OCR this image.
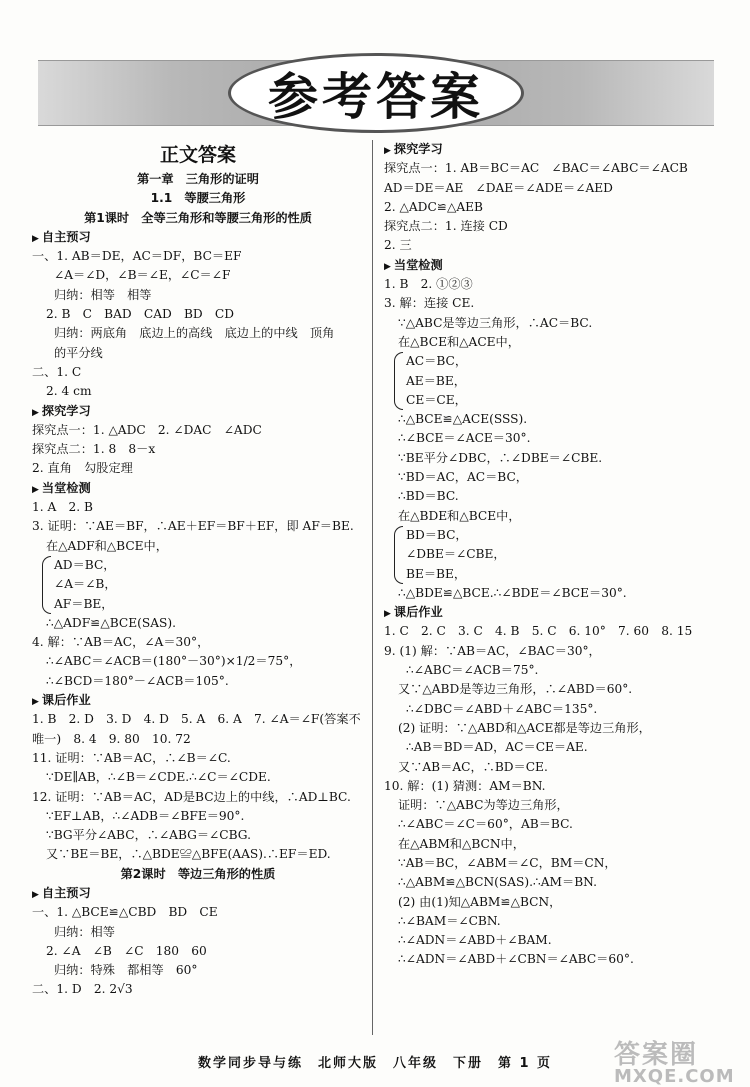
参考答案
正文答案
第一章　三角形的证明
1.1　等腰三角形
第1课时　全等三角形和等腰三角形的性质
▶ 自主预习
一、1. AB＝DE，AC＝DF，BC＝EF
∠A＝∠D，∠B＝∠E，∠C＝∠F
归纳：相等　相等
2. B　C　BAD　CAD　BD　CD
归纳：两底角　底边上的高线　底边上的中线　顶角
的平分线
二、1. C
2. 4 cm
▶ 探究学习
探究点一：1. △ADC　2. ∠DAC　∠ADC
探究点二：1. 8　8－x
2. 直角　勾股定理
▶ 当堂检测
1. A　2. B
3. 证明：∵AE＝BF，∴AE＋EF＝BF＋EF，即 AF＝BE.
在△ADF和△BCE中，
AD＝BC，
∠A＝∠B，
AF＝BE，
∴△ADF≌△BCE(SAS).
4. 解：∵AB＝AC，∠A＝30°，
∴∠ABC＝∠ACB＝(180°－30°)×1/2＝75°，
∴∠BCD＝180°－∠ACB＝105°.
▶ 课后作业
1. B　2. D　3. D　4. D　5. A　6. A　7. ∠A＝∠F(答案不
唯一)　8. 4　9. 80　10. 72
11. 证明：∵AB＝AC，∴∠B＝∠C.
∵DE∥AB，∴∠B＝∠CDE.∴∠C＝∠CDE.
12. 证明：∵AB＝AC，AD是BC边上的中线，∴AD⊥BC.
∵EF⊥AB，∴∠ADB＝∠BFE＝90°.
∵BG平分∠ABC，∴∠ABG＝∠CBG.
又∵BE＝BE，∴△BDE≌△BFE(AAS).∴EF＝ED.
第2课时　等边三角形的性质
▶ 自主预习
一、1. △BCE≌△CBD　BD　CE
归纳：相等
2. ∠A　∠B　∠C　180　60
归纳：特殊　都相等　60°
二、1. D　2. 2√3
▶ 探究学习
探究点一：1. AB＝BC＝AC　∠BAC＝∠ABC＝∠ACB
AD＝DE＝AE　∠DAE＝∠ADE＝∠AED
2. △ADC≌△AEB
探究点二：1. 连接 CD
2. 三
▶ 当堂检测
1. B　2. ①②③
3. 解：连接 CE.
∵△ABC是等边三角形，∴AC＝BC.
在△BCE和△ACE中，
AC＝BC，
AE＝BE，
CE＝CE，
∴△BCE≌△ACE(SSS).
∴∠BCE＝∠ACE＝30°.
∵BE平分∠DBC，∴∠DBE＝∠CBE.
∵BD＝AC，AC＝BC，
∴BD＝BC.
在△BDE和△BCE中，
BD＝BC，
∠DBE＝∠CBE，
BE＝BE，
∴△BDE≌△BCE.∴∠BDE＝∠BCE＝30°.
▶ 课后作业
1. C　2. C　3. C　4. B　5. C　6. 10°　7. 60　8. 15
9. (1) 解：∵AB＝AC，∠BAC＝30°，
∴∠ABC＝∠ACB＝75°.
又∵△ABD是等边三角形，∴∠ABD＝60°.
∴∠DBC＝∠ABD＋∠ABC＝135°.
(2) 证明：∵△ABD和△ACE都是等边三角形，
∴AB＝BD＝AD，AC＝CE＝AE.
又∵AB＝AC，∴BD＝CE.
10. 解：(1) 猜测：AM＝BN.
证明：∵△ABC为等边三角形，
∴∠ABC＝∠C＝60°，AB＝BC.
在△ABM和△BCN中，
∵AB＝BC，∠ABM＝∠C，BM＝CN，
∴△ABM≌△BCN(SAS).∴AM＝BN.
(2) 由(1)知△ABM≌△BCN，
∴∠BAM＝∠CBN.
∴∠ADN＝∠ABD＋∠BAM.
∴∠ADN＝∠ABD＋∠CBN＝∠ABC＝60°.
数学同步导与练　北师大版　八年级　下册　第 1 页	答案圈
MXQE.COM
